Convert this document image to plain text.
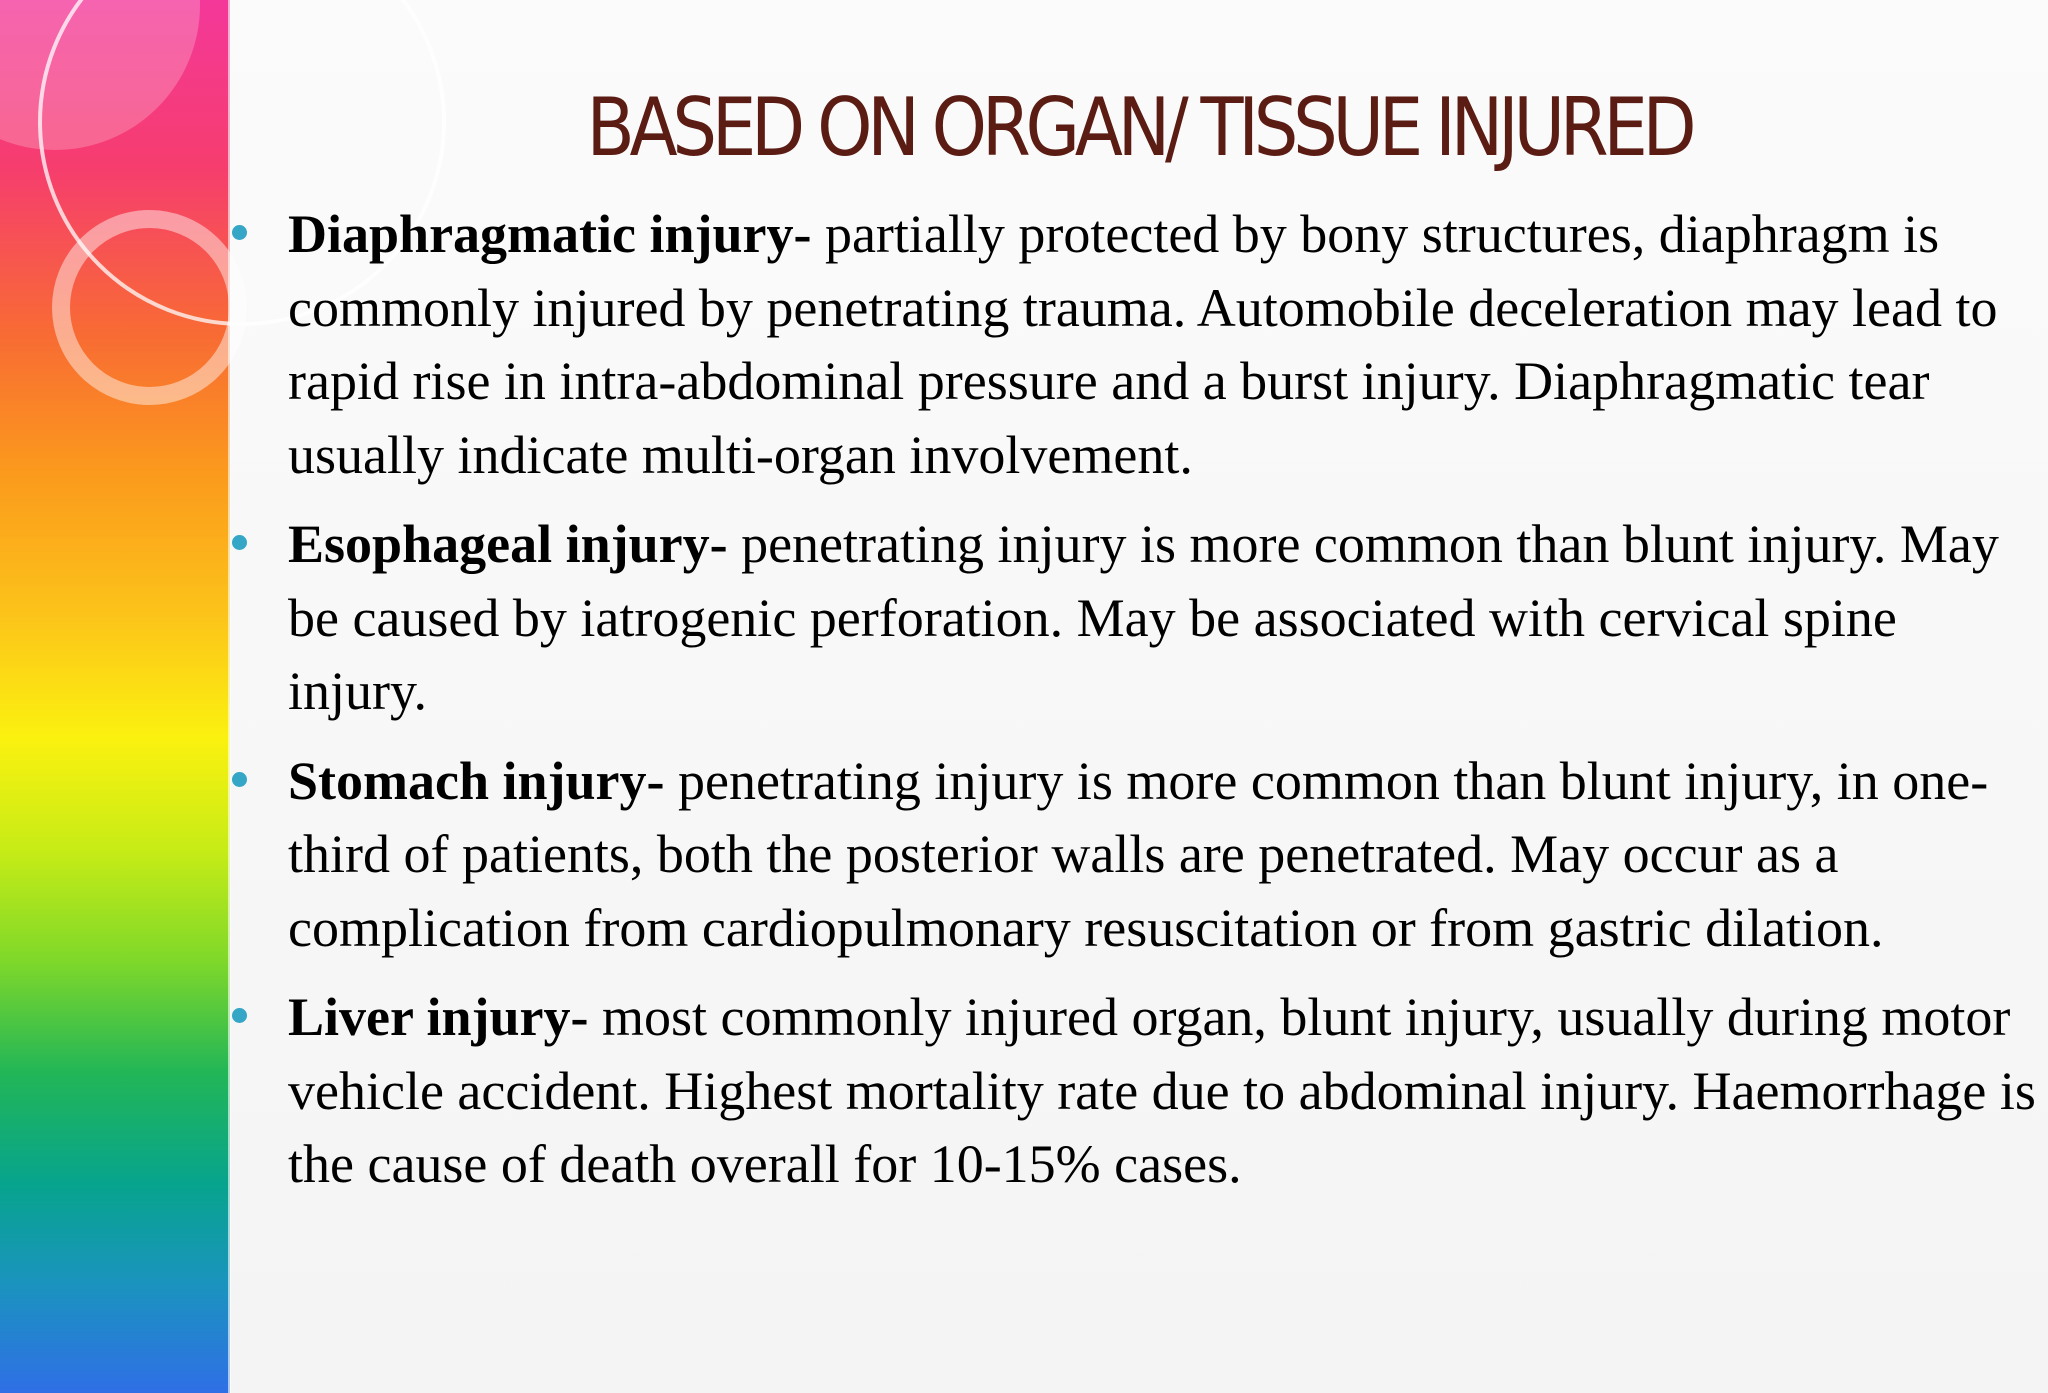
BASED ON ORGAN/ TISSUE INJURED
Diaphragmatic injury- partially protected by bony structures, diaphragm is commonly injured by penetrating trauma. Automobile deceleration may lead to rapid rise in intra-abdominal pressure and a burst injury. Diaphragmatic tear usually indicate multi-organ involvement.
Esophageal injury- penetrating injury is more common than blunt injury. May be caused by iatrogenic perforation. May be associated with cervical spine injury.
Stomach injury- penetrating injury is more common than blunt injury, in one-third of patients, both the posterior walls are penetrated. May occur as a complication from cardiopulmonary resuscitation or from gastric dilation.
Liver injury- most commonly injured organ, blunt injury, usually during motor vehicle accident. Highest mortality rate due to abdominal injury. Haemorrhage is the cause of death overall for 10-15% cases.
